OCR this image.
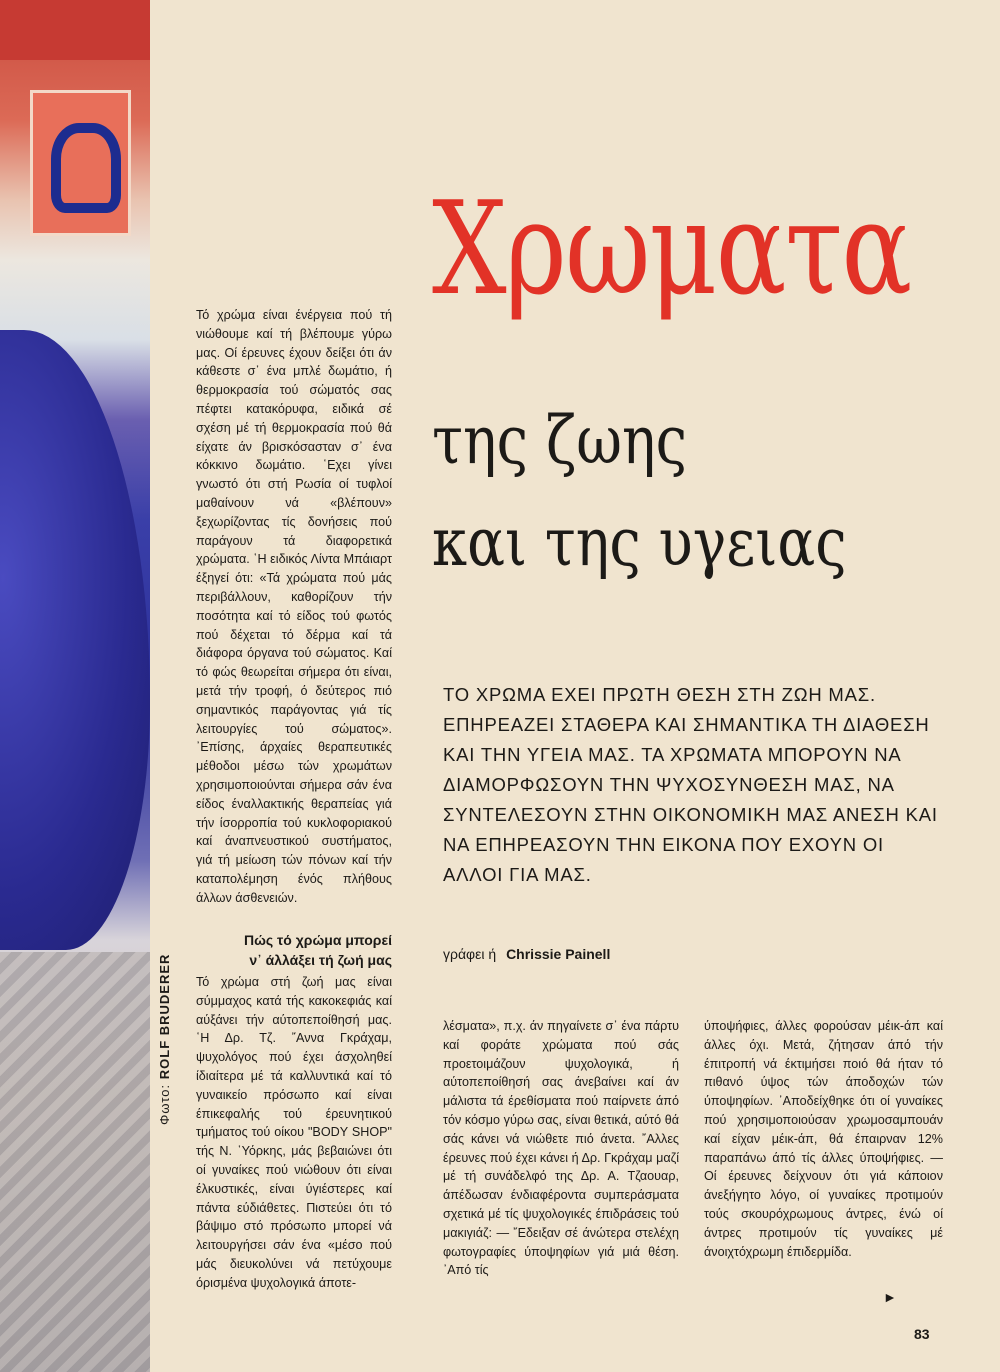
Φωτο: ROLF BRUDERER
Χρωματα
της ζωης
και της υγειας

ΤΟ ΧΡΩΜΑ ΕΧΕΙ ΠΡΩΤΗ ΘΕΣΗ ΣΤΗ ΖΩΗ ΜΑΣ. ΕΠΗΡΕΑΖΕΙ ΣΤΑΘΕΡΑ ΚΑΙ ΣΗΜΑΝΤΙΚΑ ΤΗ ΔΙΑΘΕΣΗ ΚΑΙ ΤΗΝ ΥΓΕΙΑ ΜΑΣ. ΤΑ ΧΡΩΜΑΤΑ ΜΠΟΡΟΥΝ ΝΑ ΔΙΑΜΟΡΦΩΣΟΥΝ ΤΗΝ ΨΥΧΟΣΥΝΘΕΣΗ ΜΑΣ, ΝΑ ΣΥΝΤΕΛΕΣΟΥΝ ΣΤΗΝ ΟΙΚΟΝΟΜΙΚΗ ΜΑΣ ΑΝΕΣΗ ΚΑΙ ΝΑ ΕΠΗΡΕΑΣΟΥΝ ΤΗΝ ΕΙΚΟΝΑ ΠΟΥ ΕΧΟΥΝ ΟΙ ΑΛΛΟΙ ΓΙΑ ΜΑΣ.

γράφει ή Chrissie Painell

Τό χρώμα είναι ένέργεια πού τή νιώθουμε καί τή βλέπουμε γύρω μας. Οί έρευνες έχουν δείξει ότι άν κάθεστε σ᾿ ένα μπλέ δωμάτιο, ή θερμοκρασία τού σώματός σας πέφτει κατακόρυφα, ειδικά σέ σχέση μέ τή θερμοκρασία πού θά είχατε άν βρισκόσασταν σ᾿ ένα κόκκινο δωμάτιο. ῾Εχει γίνει γνωστό ότι στή Ρωσία οί τυφλοί μαθαίνουν νά «βλέπουν» ξεχωρίζοντας τίς δονήσεις πού παράγουν τά διαφορετικά χρώματα. ῾Η ειδικός Λίντα Μπάιαρτ έξηγεί ότι: «Τά χρώματα πού μάς περιβάλλουν, καθορίζουν τήν ποσότητα καί τό είδος τού φωτός πού δέχεται τό δέρμα καί τά διάφορα όργανα τού σώματος. Καί τό φώς θεωρείται σήμερα ότι είναι, μετά τήν τροφή, ό δεύτερος πιό σημαντικός παράγοντας γιά τίς λειτουργίες τού σώματος». ᾿Επίσης, άρχαίες θεραπευτικές μέθοδοι μέσω τών χρωμάτων χρησιμοποιούνται σήμερα σάν ένα είδος έναλλακτικής θεραπείας γιά τήν ίσορροπία τού κυκλοφοριακού καί άναπνευστικού συστήματος, γιά τή μείωση τών πόνων καί τήν καταπολέμηση ένός πλήθους άλλων άσθενειών.

Πώς τό χρώμα μπορεί
ν᾿ άλλάξει τή ζωή μας

Τό χρώμα στή ζωή μας είναι σύμμαχος κατά τής κακοκεφιάς καί αύξάνει τήν αύτοπεποίθησή μας. ῾Η Δρ. Τζ. ῎Αννα Γκράχαμ, ψυχολόγος πού έχει άσχοληθεί ίδιαίτερα μέ τά καλλυντικά καί τό γυναικείο πρόσωπο καί είναι έπικεφαλής τού έρευνητικού τμήματος τού οίκου "BODY SHOP" τής Ν. ῾Υόρκης, μάς βεβαιώνει ότι οί γυναίκες πού νιώθουν ότι είναι έλκυστικές, είναι ύγιέστερες καί πάντα εύδιάθετες. Πιστεύει ότι τό βάψιμο στό πρόσωπο μπορεί νά λειτουργήσει σάν ένα «μέσο πού μάς διευκολύνει νά πετύχουμε όρισμένα ψυχολογικά άποτε-

λέσματα», π.χ. άν πηγαίνετε σ᾿ ένα πάρτυ καί φοράτε χρώματα πού σάς προετοιμάζουν ψυχολογικά, ή αύτοπεποίθησή σας άνεβαίνει καί άν μάλιστα τά έρεθίσματα πού παίρνετε άπό τόν κόσμο γύρω σας, είναι θετικά, αύτό θά σάς κάνει νά νιώθετε πιό άνετα. ῎Αλλες έρευνες πού έχει κάνει ή Δρ. Γκράχαμ μαζί μέ τή συνάδελφό της Δρ. Α. Τζαουαρ, άπέδωσαν ένδιαφέροντα συμπεράσματα σχετικά μέ τίς ψυχολογικές έπιδράσεις τού μακιγιάζ: — ῎Εδειξαν σέ άνώτερα στελέχη φωτογραφίες ύποψηφίων γιά μιά θέση. ᾿Από τίς

ύποψήφιες, άλλες φορούσαν μέικ-άπ καί άλλες όχι. Μετά, ζήτησαν άπό τήν έπιτροπή νά έκτιμήσει ποιό θά ήταν τό πιθανό ύψος τών άποδοχών τών ύποψηφίων. ᾿Αποδείχθηκε ότι οί γυναίκες πού χρησιμοποιούσαν χρωμοσαμπουάν καί είχαν μέικ-άπ, θά έπαιρναν 12% παραπάνω άπό τίς άλλες ύποψήφιες. — Οί έρευνες δείχνουν ότι γιά κάποιον άνεξήγητο λόγο, οί γυναίκες προτιμούν τούς σκουρόχρωμους άντρες, ένώ οί άντρες προτιμούν τίς γυναίκες μέ άνοιχτόχρωμη έπιδερμίδα.

►
83
